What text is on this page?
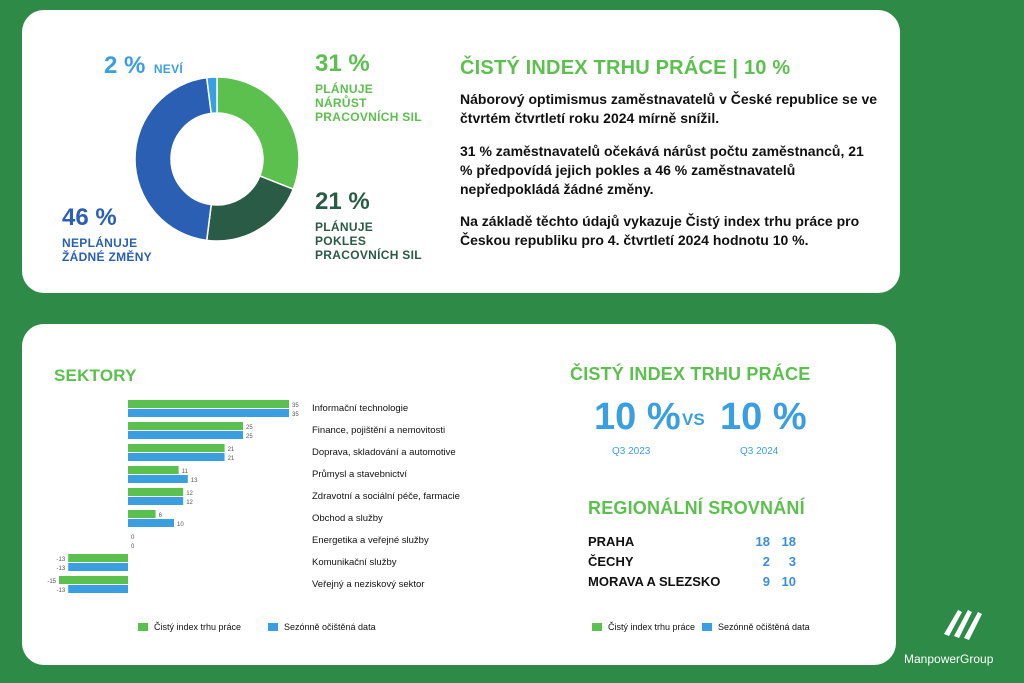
2 % NEVÍ	31 %
PLÁNUJE
NÁRŮST
PRACOVNÍCH SIL
21 %
PLÁNUJE
POKLES
PRACOVNÍCH SIL
46 %
NEPLÁNUJE
ŽÁDNÉ ZMĚNY
ČISTÝ INDEX TRHU PRÁCE | 10 %

Náborový optimismus zaměstnavatelů v České republice se ve čtvrtém čtvrtletí roku 2024 mírně snížil.

31 % zaměstnavatelů očekává nárůst počtu zaměstnanců, 21 % předpovídá jejich pokles a 46 % zaměstnavatelů nepředpokládá žádné změny.

Na základě těchto údajů vykazuje Čistý index trhu práce pro Českou republiku pro 4. čtvrtletí 2024 hodnotu 10 %.

SEKTORY
35
35
Informační technologie
25
25
Finance, pojištění a nemovitosti
21
21
Doprava, skladování a automotive
11
13
Průmysl a stavebnictví
12
12
Zdravotní a sociální péče, farmacie
6
10
Obchod a služby
0
0
Energetika a veřejné služby
-13
-13
Komunikační služby
-15
-13
Veřejný a neziskový sektor
Čistý index trhu práce	Sezónně očištěná data
ČISTÝ INDEX TRHU PRÁCE
10 % VS 10 %
Q3 2023	Q3 2024
REGIONÁLNÍ SROVNÁNÍ
PRAHA	18 18
ČECHY	2	3
MORAVA A SLEZSKO	9 10
Čistý index trhu práce	Sezónně očištěná data
ManpowerGroup
